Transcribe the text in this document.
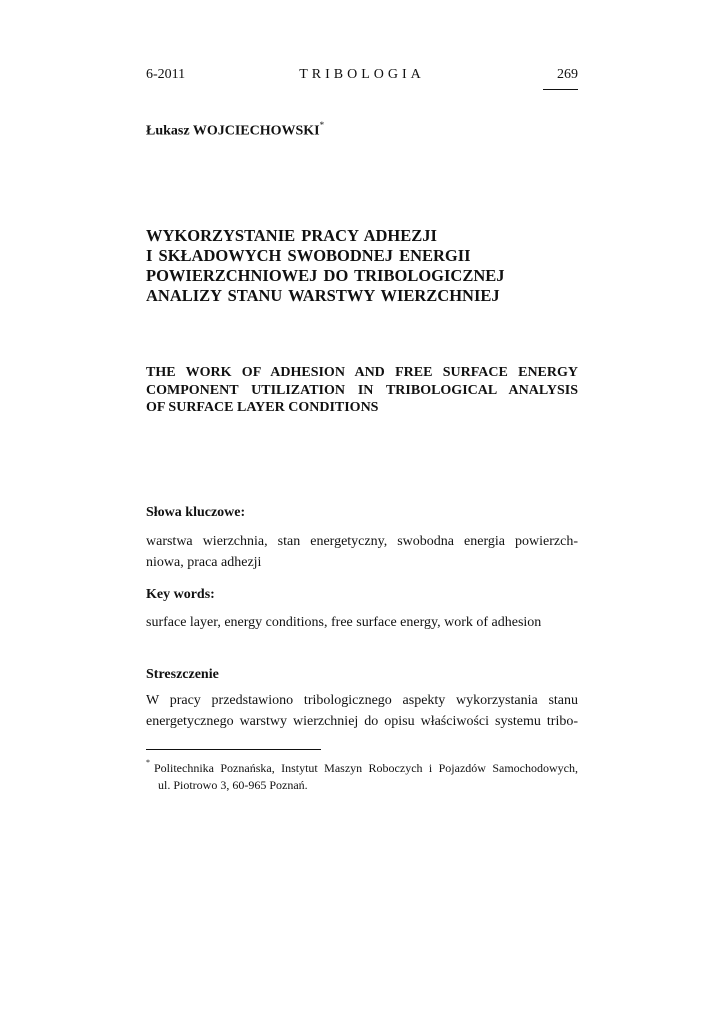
6-2011	TRIBOLOGIA	269
Łukasz WOJCIECHOWSKI*
WYKORZYSTANIE PRACY ADHEZJI
I SKŁADOWYCH SWOBODNEJ ENERGII
POWIERZCHNIOWEJ DO TRIBOLOGICZNEJ
ANALIZY STANU WARSTWY WIERZCHNIEJ
THE WORK OF ADHESION AND FREE SURFACE ENERGY
COMPONENT UTILIZATION IN TRIBOLOGICAL ANALYSIS
OF SURFACE LAYER CONDITIONS
Słowa kluczowe:
warstwa wierzchnia, stan energetyczny, swobodna energia powierzch-
niowa, praca adhezji
Key words:
surface layer, energy conditions, free surface energy, work of adhesion
Streszczenie
W pracy przedstawiono tribologicznego aspekty wykorzystania stanu
energetycznego warstwy wierzchniej do opisu właściwości systemu tribo-
* Politechnika Poznańska, Instytut Maszyn Roboczych i Pojazdów Samochodowych,
ul. Piotrowo 3, 60-965 Poznań.
